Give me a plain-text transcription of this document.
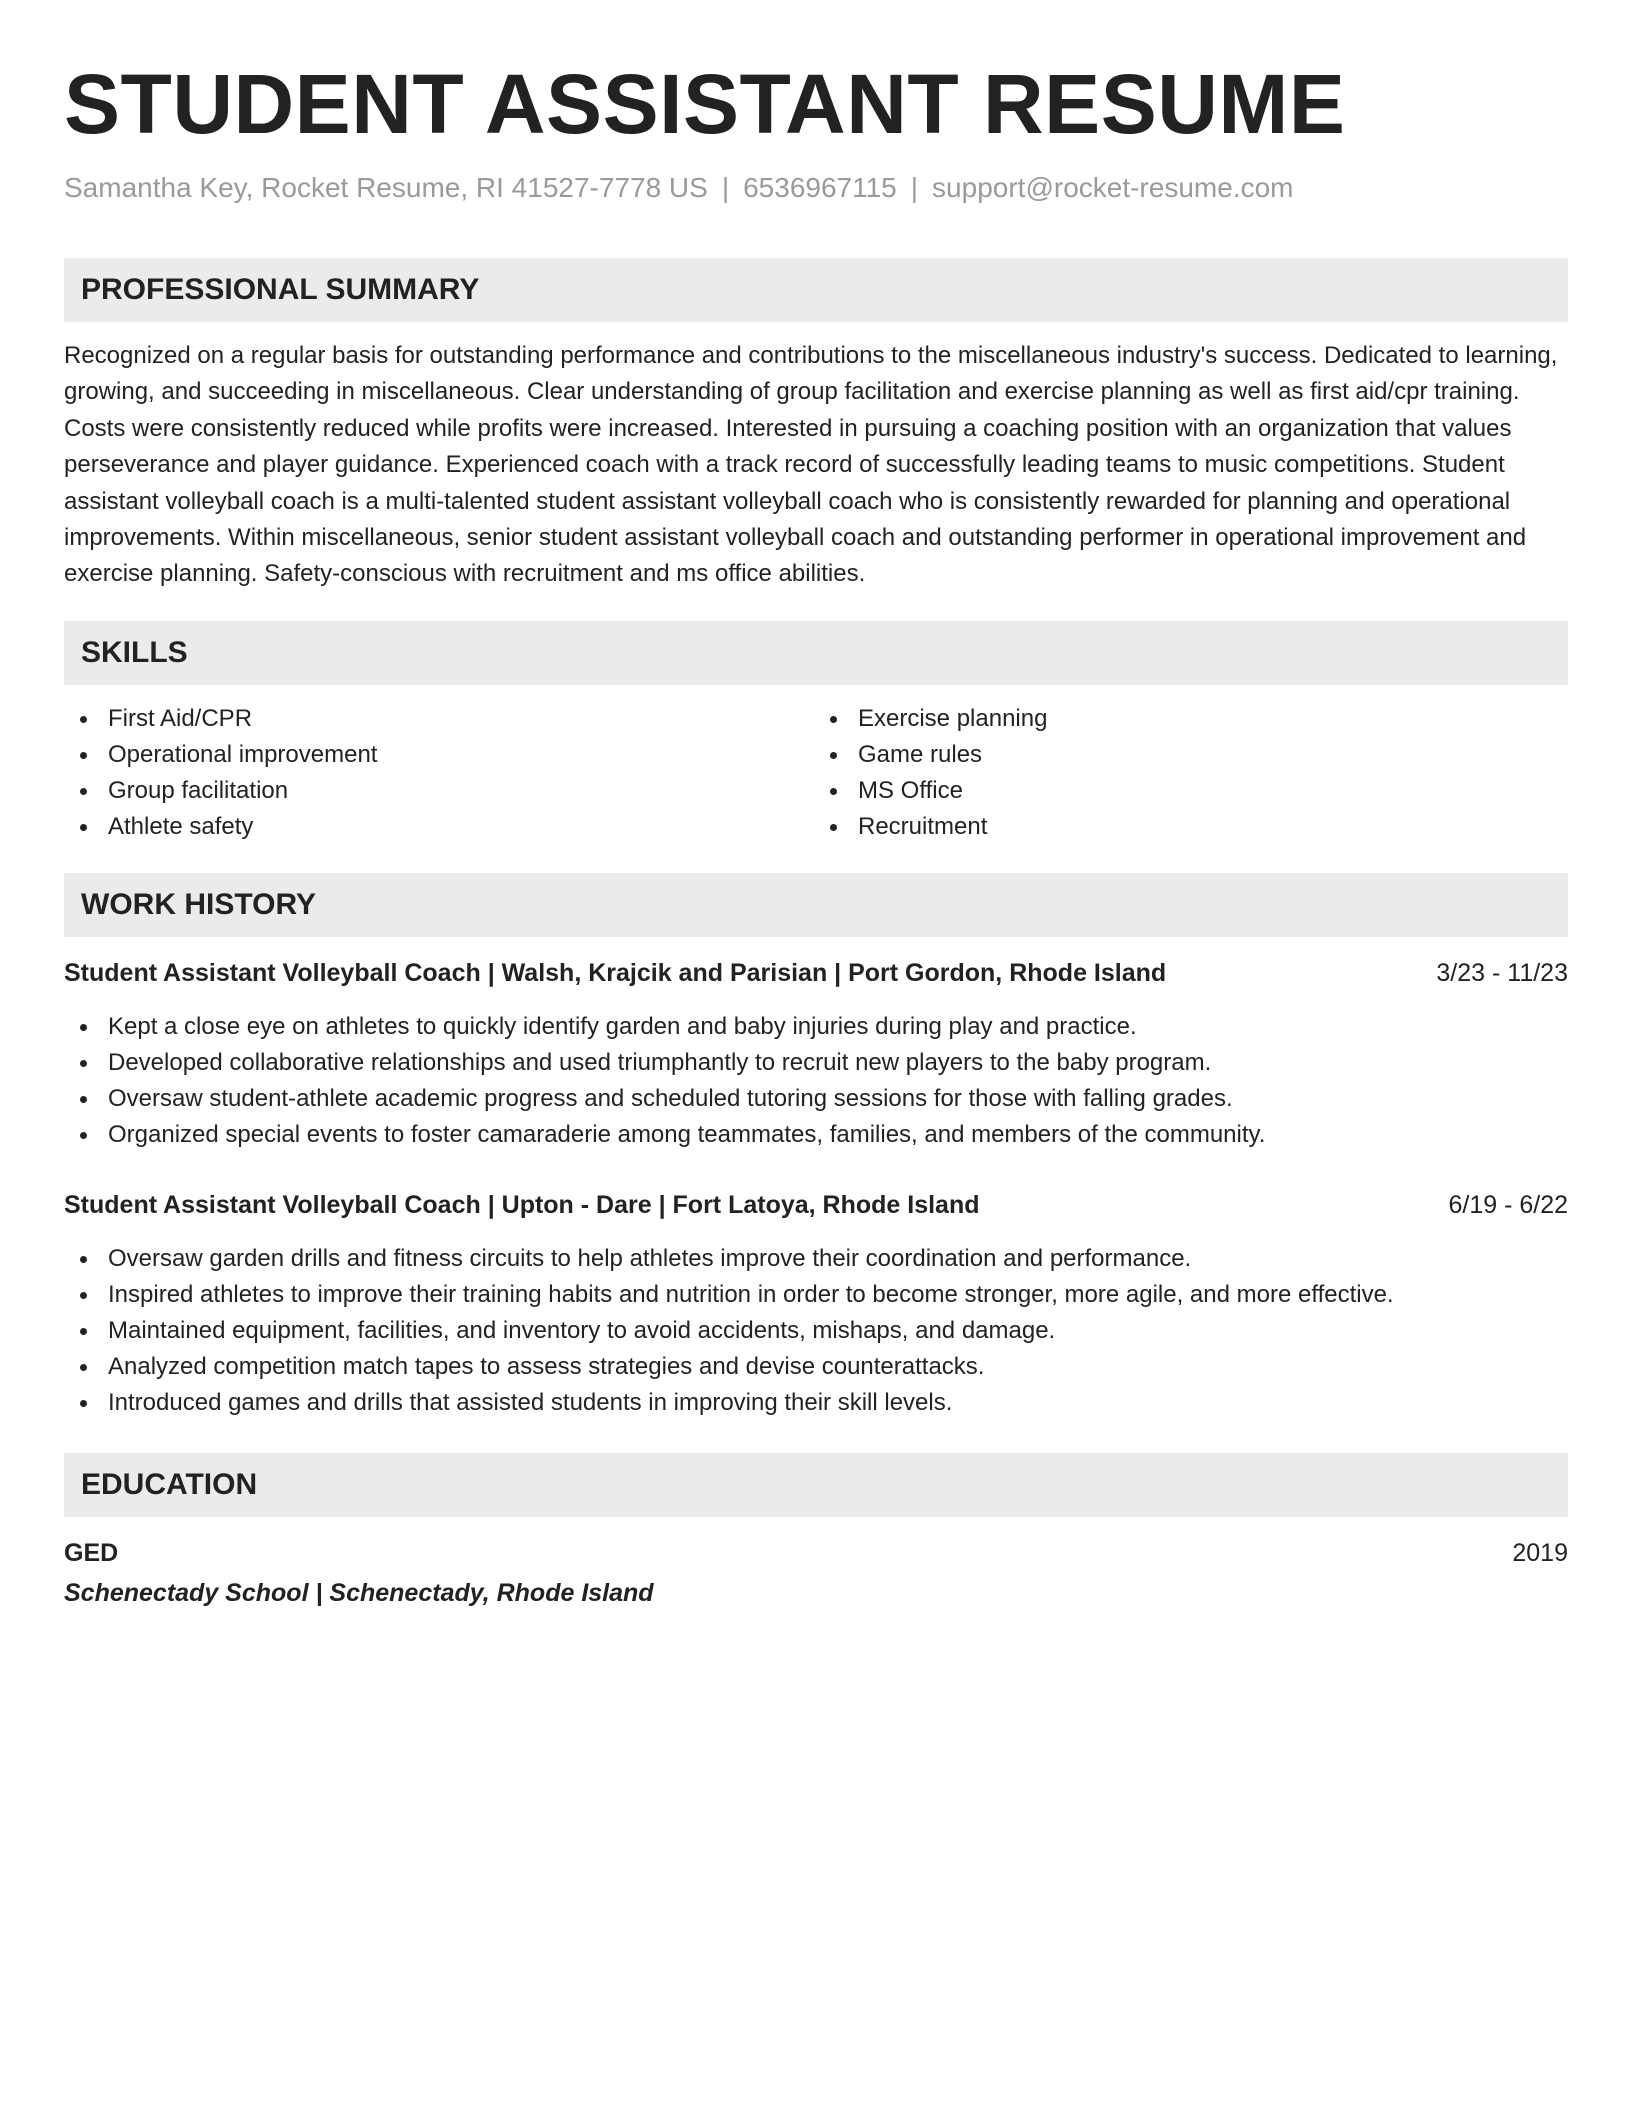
STUDENT ASSISTANT RESUME
Samantha Key, Rocket Resume, RI 41527-7778 US | 6536967115 | support@rocket-resume.com
PROFESSIONAL SUMMARY

Recognized on a regular basis for outstanding performance and contributions to the miscellaneous industry's success. Dedicated to learning, growing, and succeeding in miscellaneous. Clear understanding of group facilitation and exercise planning as well as first aid/cpr training. Costs were consistently reduced while profits were increased. Interested in pursuing a coaching position with an organization that values perseverance and player guidance. Experienced coach with a track record of successfully leading teams to music competitions. Student assistant volleyball coach is a multi-talented student assistant volleyball coach who is consistently rewarded for planning and operational improvements. Within miscellaneous, senior student assistant volleyball coach and outstanding performer in operational improvement and exercise planning. Safety-conscious with recruitment and ms office abilities.

SKILLS
First Aid/CPR
Operational improvement
Group facilitation
Athlete safety
Exercise planning
Game rules
MS Office
Recruitment
WORK HISTORY
Student Assistant Volleyball Coach | Walsh, Krajcik and Parisian | Port Gordon, Rhode Island	3/23 - 11/23
Kept a close eye on athletes to quickly identify garden and baby injuries during play and practice.
Developed collaborative relationships and used triumphantly to recruit new players to the baby program.
Oversaw student-athlete academic progress and scheduled tutoring sessions for those with falling grades.
Organized special events to foster camaraderie among teammates, families, and members of the community.
Student Assistant Volleyball Coach | Upton - Dare | Fort Latoya, Rhode Island	6/19 - 6/22
Oversaw garden drills and fitness circuits to help athletes improve their coordination and performance.
Inspired athletes to improve their training habits and nutrition in order to become stronger, more agile, and more effective.
Maintained equipment, facilities, and inventory to avoid accidents, mishaps, and damage.
Analyzed competition match tapes to assess strategies and devise counterattacks.
Introduced games and drills that assisted students in improving their skill levels.
EDUCATION
GED	2019
Schenectady School | Schenectady, Rhode Island
